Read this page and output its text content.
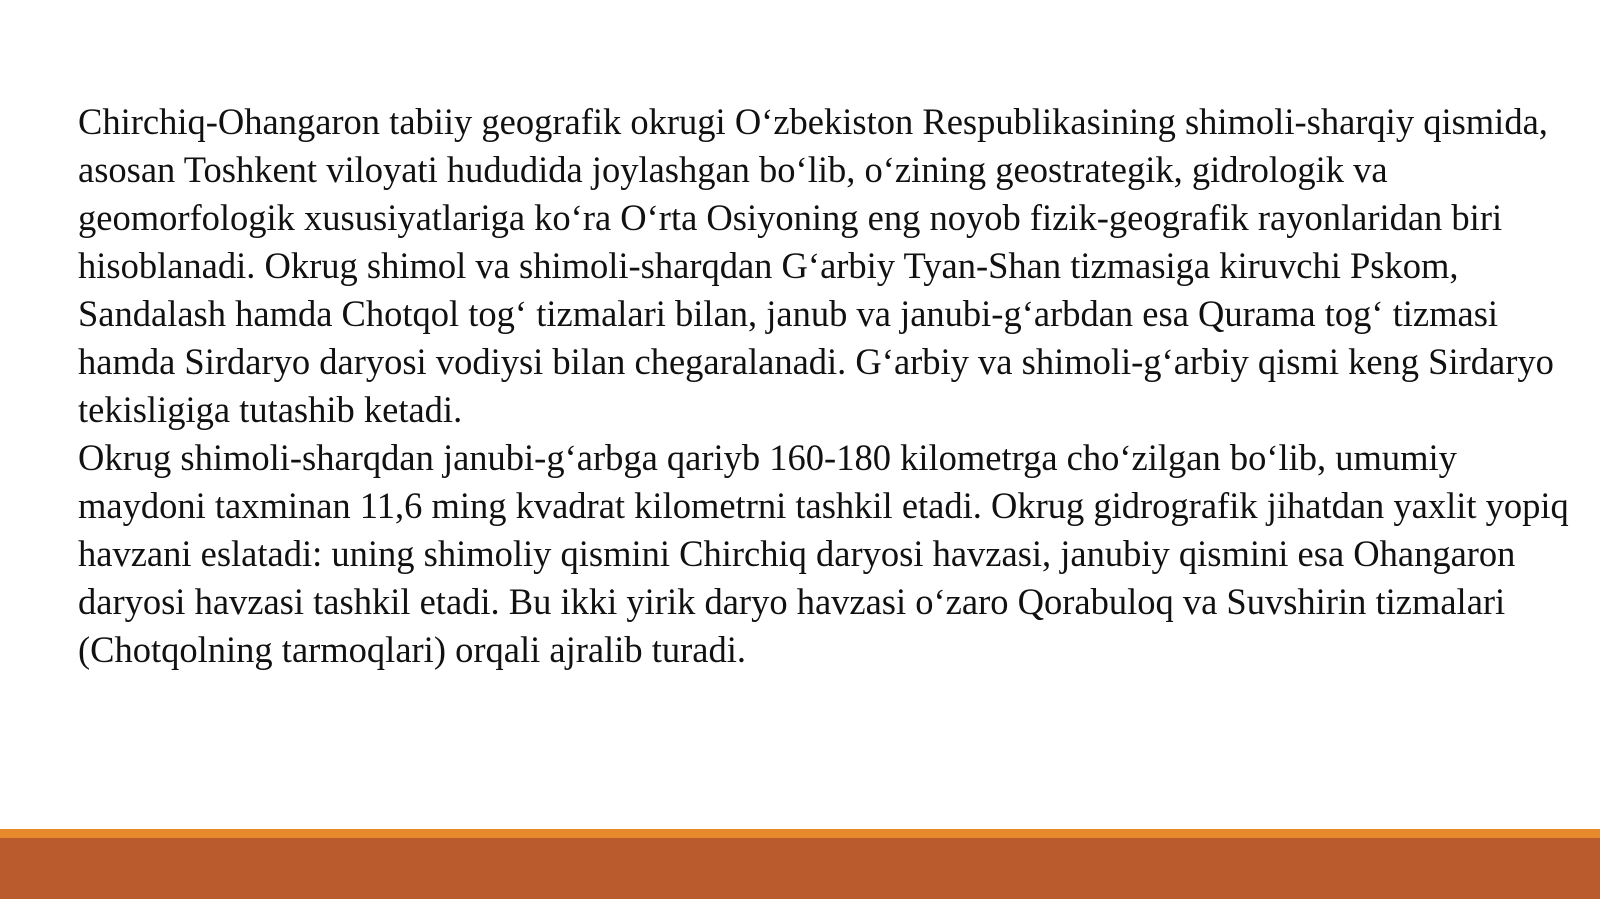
Chirchiq-Ohangaron tabiiy geografik okrugi O‘zbekiston Respublikasining shimoli-sharqiy qismida, asosan Toshkent viloyati hududida joylashgan bo‘lib, o‘zining geostrategik, gidrologik va geomorfologik xususiyatlariga ko‘ra O‘rta Osiyoning eng noyob fizik-geografik rayonlaridan biri hisoblanadi. Okrug shimol va shimoli-sharqdan G‘arbiy Tyan-Shan tizmasiga kiruvchi Pskom, Sandalash hamda Chotqol tog‘ tizmalari bilan, janub va janubi-g‘arbdan esa Qurama tog‘ tizmasi hamda Sirdaryo daryosi vodiysi bilan chegaralanadi. G‘arbiy va shimoli-g‘arbiy qismi keng Sirdaryo tekisligiga tutashib ketadi.

Okrug shimoli-sharqdan janubi-g‘arbga qariyb 160-180 kilometrga cho‘zilgan bo‘lib, umumiy maydoni taxminan 11,6 ming kvadrat kilometrni tashkil etadi. Okrug gidrografik jihatdan yaxlit yopiq havzani eslatadi: uning shimoliy qismini Chirchiq daryosi havzasi, janubiy qismini esa Ohangaron daryosi havzasi tashkil etadi. Bu ikki yirik daryo havzasi o‘zaro Qorabuloq va Suvshirin tizmalari (Chotqolning tarmoqlari) orqali ajralib turadi.
